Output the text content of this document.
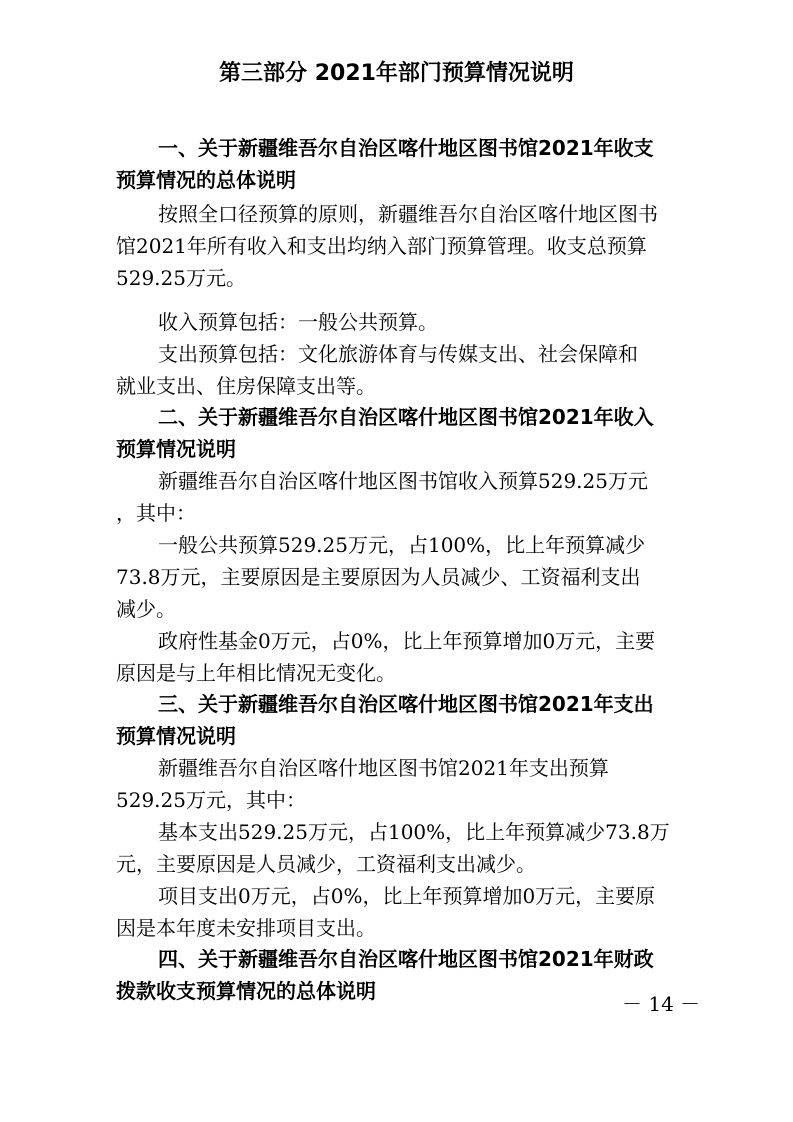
第三部分 2021年部门预算情况说明
一、关于新疆维吾尔自治区喀什地区图书馆2021年收支
预算情况的总体说明
按照全口径预算的原则，新疆维吾尔自治区喀什地区图书
馆2021年所有收入和支出均纳入部门预算管理。收支总预算
529.25万元。
收入预算包括：一般公共预算。
支出预算包括：文化旅游体育与传媒支出、社会保障和
就业支出、住房保障支出等。
二、关于新疆维吾尔自治区喀什地区图书馆2021年收入
预算情况说明
新疆维吾尔自治区喀什地区图书馆收入预算529.25万元
，其中：
一般公共预算529.25万元，占100%，比上年预算减少
73.8万元，主要原因是主要原因为人员减少、工资福利支出
减少。
政府性基金0万元，占0%，比上年预算增加0万元，主要
原因是与上年相比情况无变化。
三、关于新疆维吾尔自治区喀什地区图书馆2021年支出
预算情况说明
新疆维吾尔自治区喀什地区图书馆2021年支出预算
529.25万元，其中：
基本支出529.25万元，占100%，比上年预算减少73.8万
元，主要原因是人员减少，工资福利支出减少。
项目支出0万元，占0%，比上年预算增加0万元，主要原
因是本年度未安排项目支出。
四、关于新疆维吾尔自治区喀什地区图书馆2021年财政
拨款收支预算情况的总体说明
－ 14 －
